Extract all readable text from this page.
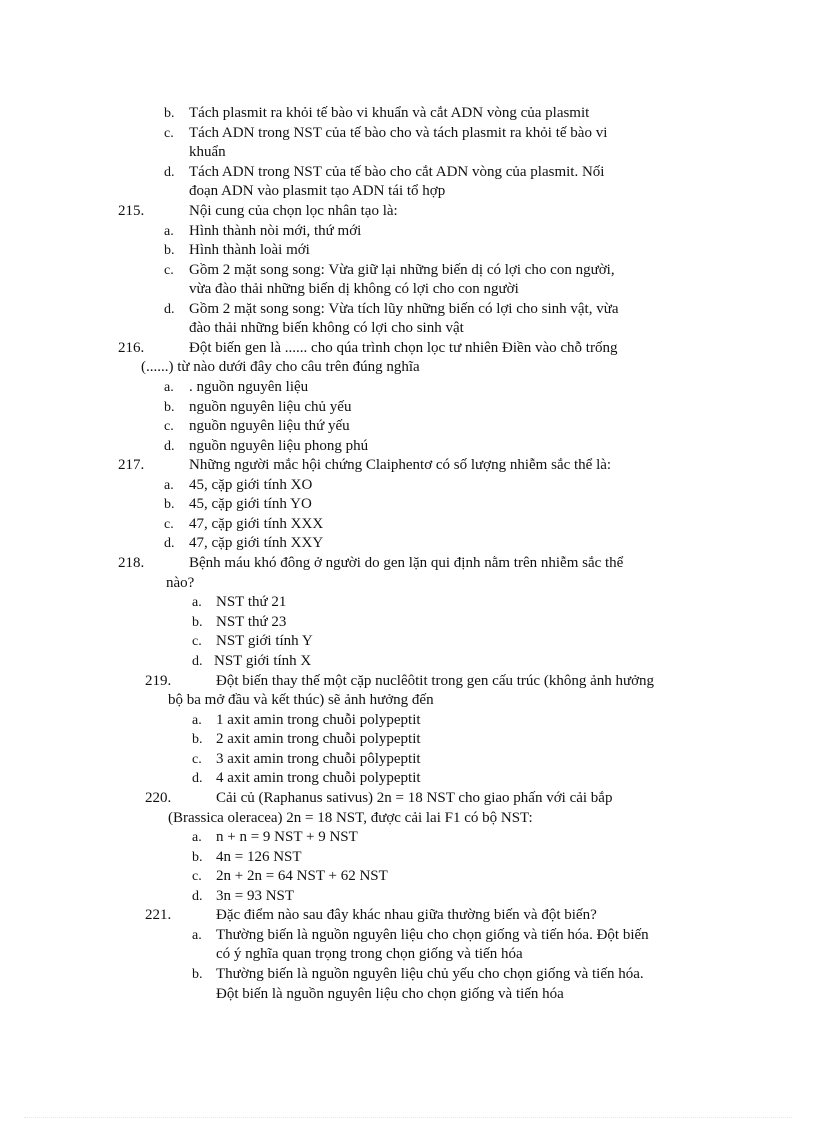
b. Tách plasmit ra khỏi tế bào vi khuẩn và cắt ADN vòng của plasmit
c. Tách ADN trong NST của tế bào cho và tách plasmit ra khỏi tế bào vi
khuẩn
d. Tách ADN trong NST của tế bào cho cắt ADN vòng của plasmit. Nối
đoạn ADN vào plasmit tạo ADN tái tổ hợp
215.	Nội cung của chọn lọc nhân tạo là:
a. Hình thành nòi mới, thứ mới
b. Hình thành loài mới
c. Gồm 2 mặt song song: Vừa giữ lại những biến dị có lợi cho con người,
vừa đào thải những biến dị không có lợi cho con người
d. Gồm 2 mặt song song: Vừa tích lũy những biến có lợi cho sinh vật, vừa
đào thải những biến không có lợi cho sinh vật
216.	Đột biến gen là ...... cho qúa trình chọn lọc tư nhiên Điền vào chỗ trống
(......) từ nào dưới đây cho câu trên đúng nghĩa
a. . nguồn nguyên liệu
b. nguồn nguyên liệu chủ yếu
c. nguồn nguyên liệu thứ yếu
d. nguồn nguyên liệu phong phú
217.	Những người mắc hội chứng Claiphentơ có số lượng nhiễm sắc thể là:
a. 45, cặp giới tính XO
b. 45, cặp giới tính YO
c. 47, cặp giới tính XXX
d. 47, cặp giới tính XXY
218.	Bệnh máu khó đông ở người do gen lặn qui định nằm trên nhiễm sắc thể
nào?
a. NST thứ 21
b. NST thứ 23
c. NST giới tính Y
d. NST giới tính X
219.	Đột biến thay thế một cặp nuclêôtit trong gen cấu trúc (không ảnh hưởng
bộ ba mở đầu và kết thúc) sẽ ảnh hưởng đến
a. 1 axit amin trong chuỗi polypeptit
b. 2 axit amin trong chuỗi polypeptit
c. 3 axit amin trong chuỗi pôlypeptit
d. 4 axit amin trong chuỗi polypeptit
220.	Cải củ (Raphanus sativus) 2n = 18 NST cho giao phấn với cải bắp
(Brassica oleracea) 2n = 18 NST, được cải lai F1 có bộ NST:
a. n + n = 9 NST + 9 NST
b. 4n = 126 NST
c. 2n + 2n = 64 NST + 62 NST
d. 3n = 93 NST
221.	Đặc điểm nào sau đây khác nhau giữa thường biến và đột biến?
a. Thường biến là nguồn nguyên liệu cho chọn giống và tiến hóa. Đột biến
có ý nghĩa quan trọng trong chọn giống và tiến hóa
b. Thường biến là nguồn nguyên liệu chủ yếu cho chọn giống và tiến hóa.
Đột biến là nguồn nguyên liệu cho chọn giống và tiến hóa
